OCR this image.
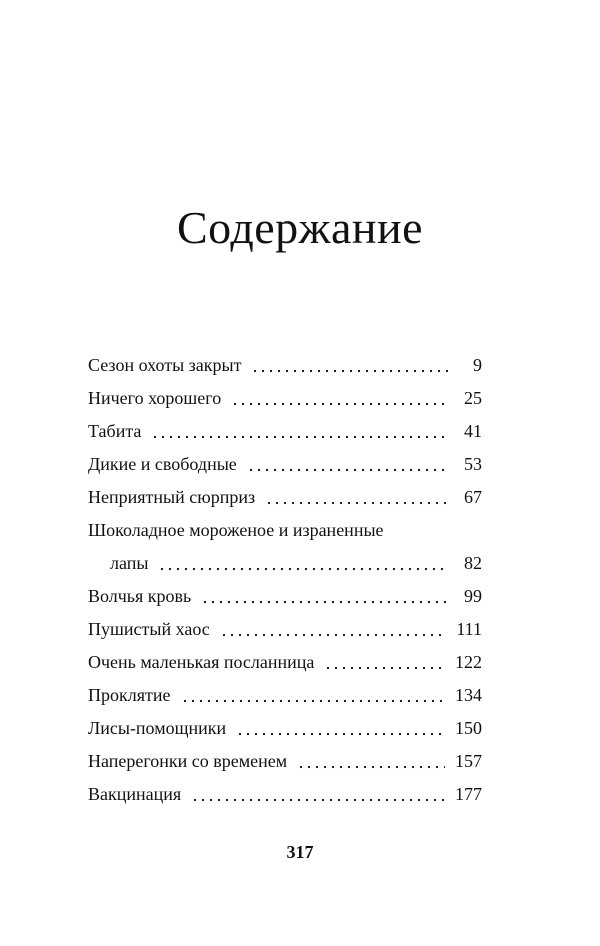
Содержание
Сезон охоты закрыт	9
Ничего хорошего	25
Табита	41
Дикие и свободные	53
Неприятный сюрприз	67
Шоколадное мороженое и израненные
лапы	82
Волчья кровь	99
Пушистый хаос	111
Очень маленькая посланница	122
Проклятие	134
Лисы-помощники	150
Наперегонки со временем	157
Вакцинация	177
317
